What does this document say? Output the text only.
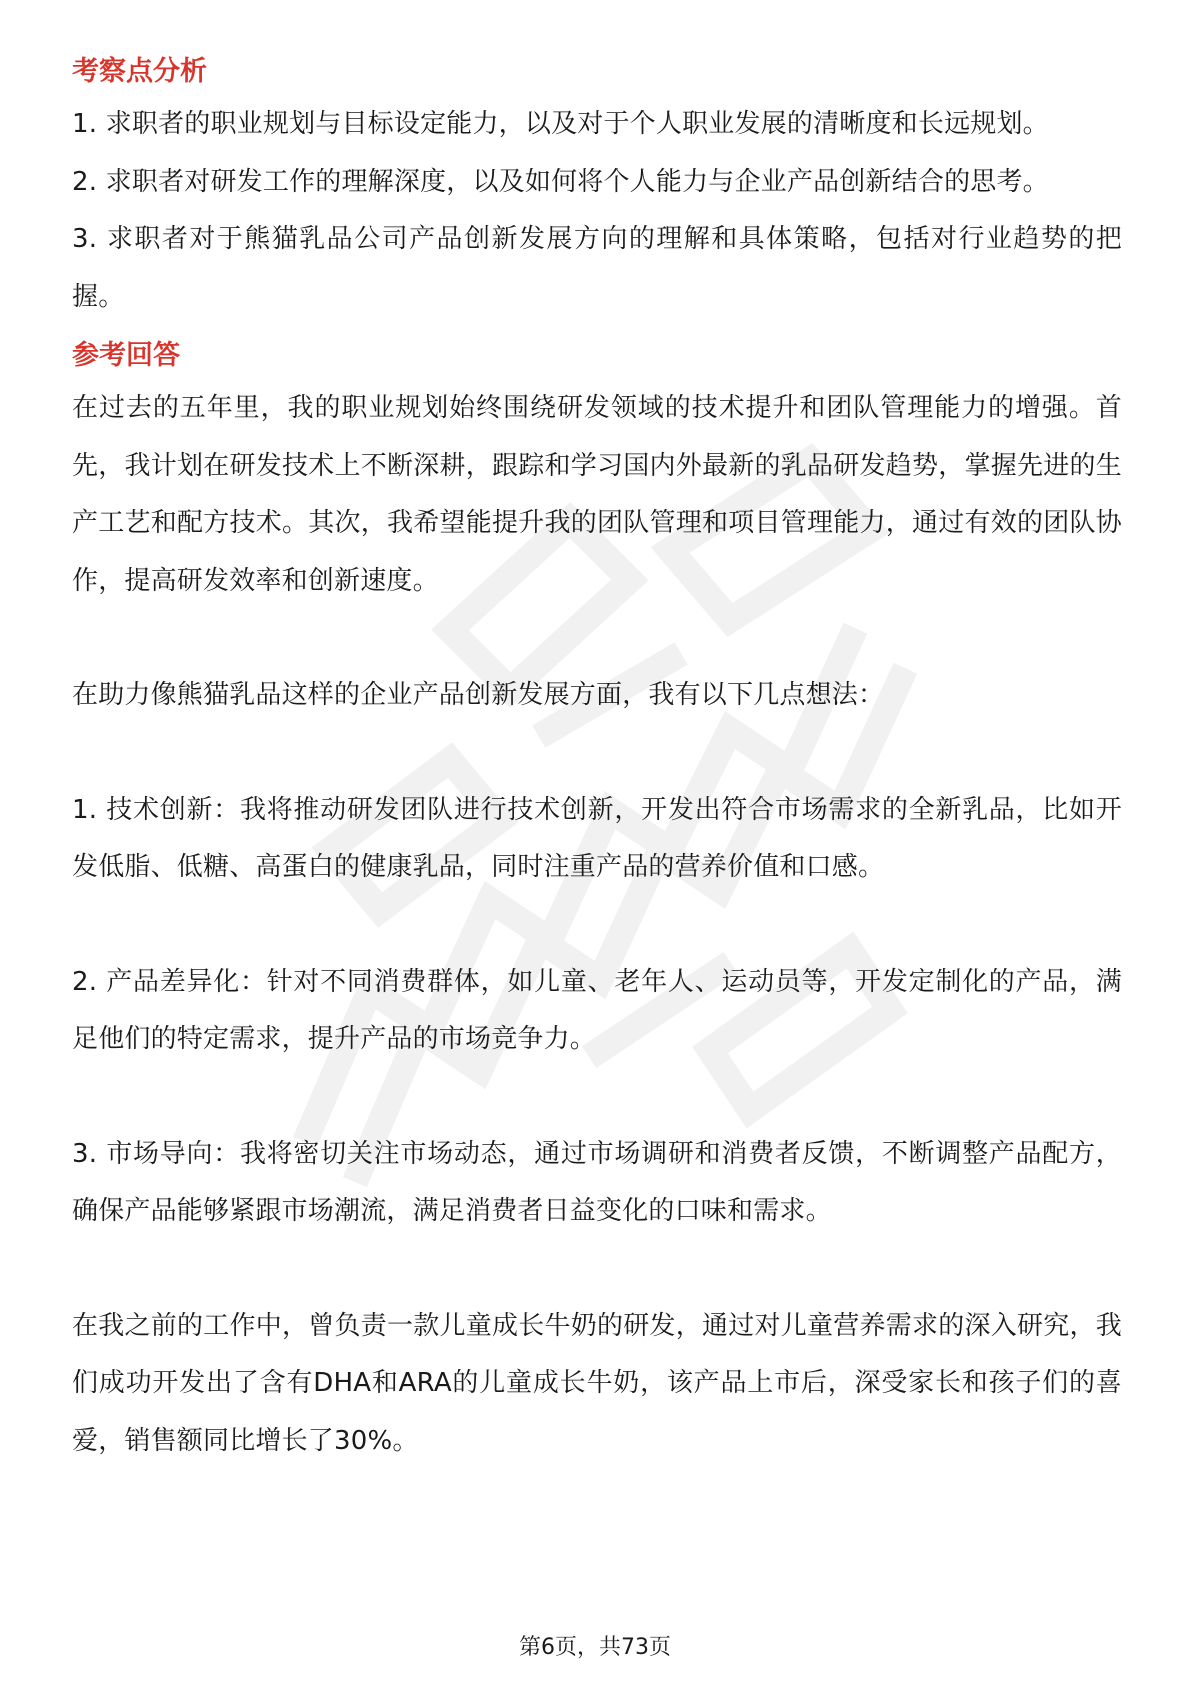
考察点分析

1. 求职者的职业规划与目标设定能力，以及对于个人职业发展的清晰度和长远规划。

2. 求职者对研发工作的理解深度，以及如何将个人能力与企业产品创新结合的思考。

3. 求职者对于熊猫乳品公司产品创新发展方向的理解和具体策略，包括对行业趋势的把握。

参考回答

在过去的五年里，我的职业规划始终围绕研发领域的技术提升和团队管理能力的增强。首先，我计划在研发技术上不断深耕，跟踪和学习国内外最新的乳品研发趋势，掌握先进的生产工艺和配方技术。其次，我希望能提升我的团队管理和项目管理能力，通过有效的团队协作，提高研发效率和创新速度。

在助力像熊猫乳品这样的企业产品创新发展方面，我有以下几点想法：

1. 技术创新：我将推动研发团队进行技术创新，开发出符合市场需求的全新乳品，比如开发低脂、低糖、高蛋白的健康乳品，同时注重产品的营养价值和口感。

2. 产品差异化：针对不同消费群体，如儿童、老年人、运动员等，开发定制化的产品，满足他们的特定需求，提升产品的市场竞争力。

3. 市场导向：我将密切关注市场动态，通过市场调研和消费者反馈，不断调整产品配方，确保产品能够紧跟市场潮流，满足消费者日益变化的口味和需求。

在我之前的工作中，曾负责一款儿童成长牛奶的研发，通过对儿童营养需求的深入研究，我们成功开发出了含有DHA和ARA的儿童成长牛奶，该产品上市后，深受家长和孩子们的喜爱，销售额同比增长了30%。

第6页，共73页
